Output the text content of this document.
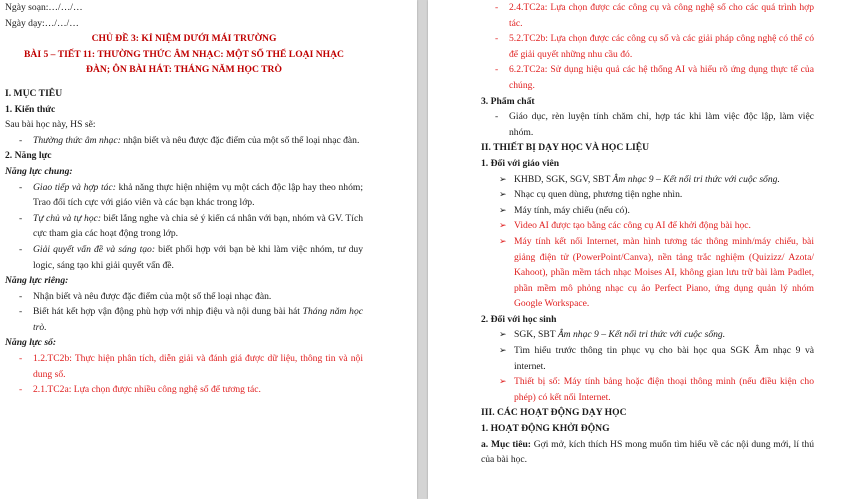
Ngày soạn:…/…/…
Ngày dạy:…/…/…
CHỦ ĐỀ 3: KỈ NIỆM DƯỚI MÁI TRƯỜNG
BÀI 5 – TIẾT 11: THƯỜNG THỨC ÂM NHẠC: MỘT SỐ THỂ LOẠI NHẠC
ĐÀN; ÔN BÀI HÁT: THÁNG NĂM HỌC TRÒ
I. MỤC TIÊU
1. Kiến thức
Sau bài học này, HS sẽ:
- Thường thức âm nhạc: nhận biết và nêu được đặc điểm của một số thể loại nhạc đàn.
2. Năng lực
Năng lực chung:
- Giao tiếp và hợp tác: khả năng thực hiện nhiệm vụ một cách độc lập hay theo nhóm; Trao đổi tích cực với giáo viên và các bạn khác trong lớp.
- Tự chủ và tự học: biết lắng nghe và chia sẻ ý kiến cá nhân với bạn, nhóm và GV. Tích cực tham gia các hoạt động trong lớp.
- Giải quyết vấn đề và sáng tạo: biết phối hợp với bạn bè khi làm việc nhóm, tư duy logic, sáng tạo khi giải quyết vấn đề.
Năng lực riêng:
- Nhận biết và nêu được đặc điểm của một số thể loại nhạc đàn.
- Biết hát kết hợp vận động phù hợp với nhịp điệu và nội dung bài hát Tháng năm học trò.
Năng lực số:
- 1.2.TC2b: Thực hiện phân tích, diễn giải và đánh giá được dữ liệu, thông tin và nội dung số.
- 2.1.TC2a: Lựa chọn được nhiều công nghệ số để tương tác.
- 2.4.TC2a: Lựa chọn được các công cụ và công nghệ số cho các quá trình hợp tác.
- 5.2.TC2b: Lựa chọn được các công cụ số và các giải pháp công nghệ có thể có để giải quyết những nhu cầu đó.
- 6.2.TC2a: Sử dụng hiệu quả các hệ thống AI và hiểu rõ ứng dụng thực tế của chúng.
3. Phẩm chất
- Giáo dục, rèn luyện tính chăm chỉ, hợp tác khi làm việc độc lập, làm việc nhóm.
II. THIẾT BỊ DẠY HỌC VÀ HỌC LIỆU
1. Đối với giáo viên
➢ KHBD, SGK, SGV, SBT Âm nhạc 9 – Kết nối tri thức với cuộc sống.
➢ Nhạc cụ quen dùng, phương tiện nghe nhìn.
➢ Máy tính, máy chiếu (nếu có).
➢ Video AI được tạo bằng các công cụ AI để khởi động bài học.
➢ Máy tính kết nối Internet, màn hình tương tác thông minh/máy chiếu, bài giảng điện tử (PowerPoint/Canva), nền tảng trắc nghiệm (Quizizz/ Azota/ Kahoot), phần mềm tách nhạc Moises AI, không gian lưu trữ bài làm Padlet, phần mềm mô phỏng nhạc cụ ảo Perfect Piano, ứng dụng quản lý nhóm Google Workspace.
2. Đối với học sinh
➢ SGK, SBT Âm nhạc 9 – Kết nối tri thức với cuộc sống.
➢ Tìm hiểu trước thông tin phục vụ cho bài học qua SGK Âm nhạc 9 và internet.
➢ Thiết bị số: Máy tính bảng hoặc điện thoại thông minh (nếu điều kiện cho phép) có kết nối Internet.
III. CÁC HOẠT ĐỘNG DẠY HỌC
1. HOẠT ĐỘNG KHỞI ĐỘNG
a. Mục tiêu: Gợi mở, kích thích HS mong muốn tìm hiểu về các nội dung mới, lí thú của bài học.
